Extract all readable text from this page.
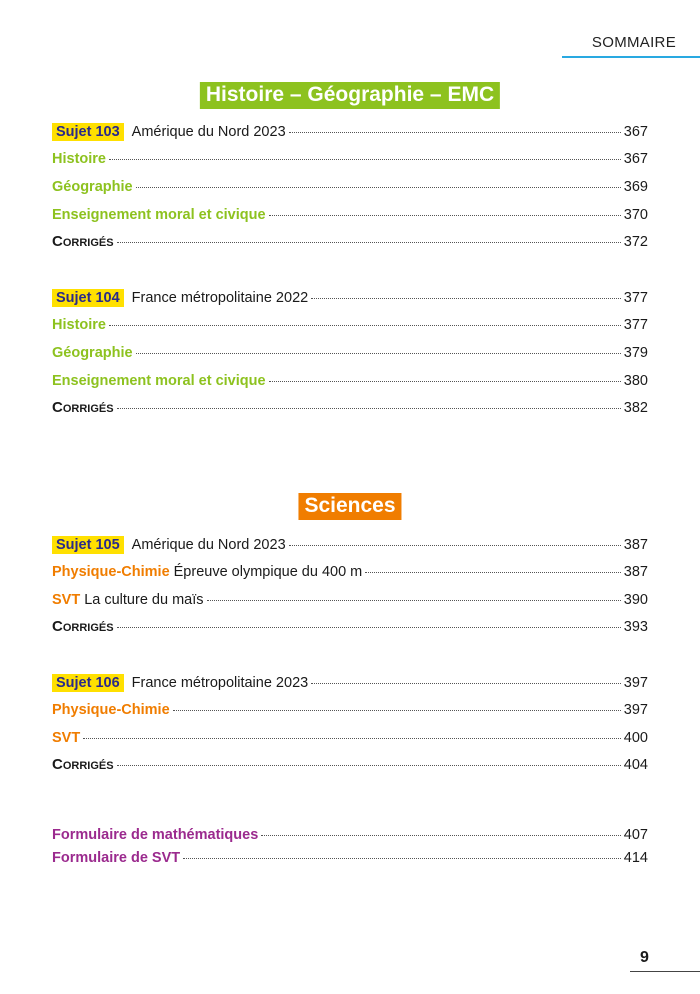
SOMMAIRE
Histoire – Géographie – EMC
Sujet 103 Amérique du Nord 2023	367
Histoire	367
Géographie	369
Enseignement moral et civique	370
Corrigés	372
Sujet 104 France métropolitaine 2022	377
Histoire	377
Géographie	379
Enseignement moral et civique	380
Corrigés	382
Sciences
Sujet 105 Amérique du Nord 2023	387
Physique-Chimie Épreuve olympique du 400 m	387
SVT La culture du maïs	390
Corrigés	393
Sujet 106 France métropolitaine 2023	397
Physique-Chimie	397
SVT	400
Corrigés	404
Formulaire de mathématiques	407
Formulaire de SVT	414
9
